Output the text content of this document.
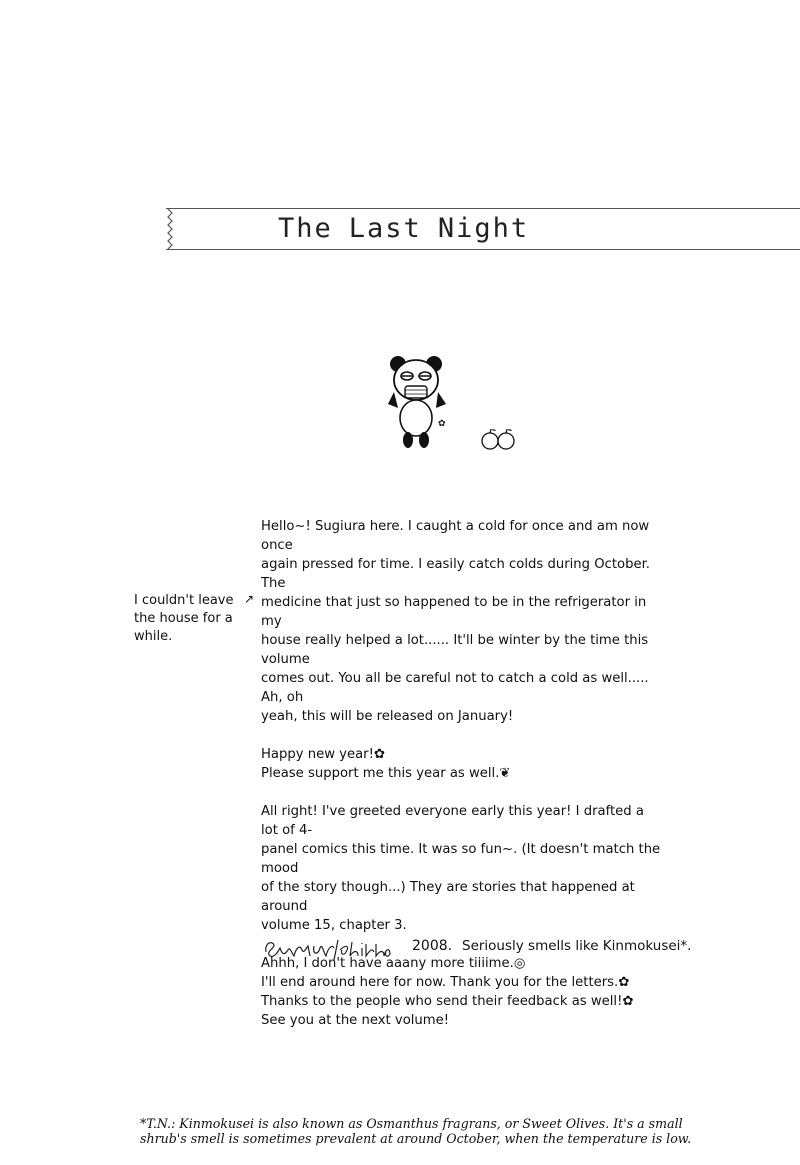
The Last Night
✿
I couldn't leave the house for a while.
↗

Hello~! Sugiura here. I caught a cold for once and am now once
again pressed for time. I easily catch colds during October. The
medicine that just so happened to be in the refrigerator in my
house really helped a lot...... It'll be winter by the time this volume
comes out. You all be careful not to catch a cold as well..... Ah, oh
yeah, this will be released on January!

Happy new year!✿
Please support me this year as well.❦

All right! I've greeted everyone early this year! I drafted a lot of 4-
panel comics this time. It was so fun~. (It doesn't match the mood
of the story though...) They are stories that happened at around
volume 15, chapter 3.

Ahhh, I don't have aaany more tiiiime.◎
I'll end around here for now. Thank you for the letters.✿
Thanks to the people who send their feedback as well!✿
See you at the next volume!

2008. Seriously smells like Kinmokusei*.
*T.N.: Kinmokusei is also known as Osmanthus fragrans, or Sweet Olives. It's a small
shrub's smell is sometimes prevalent at around October, when the temperature is low.
